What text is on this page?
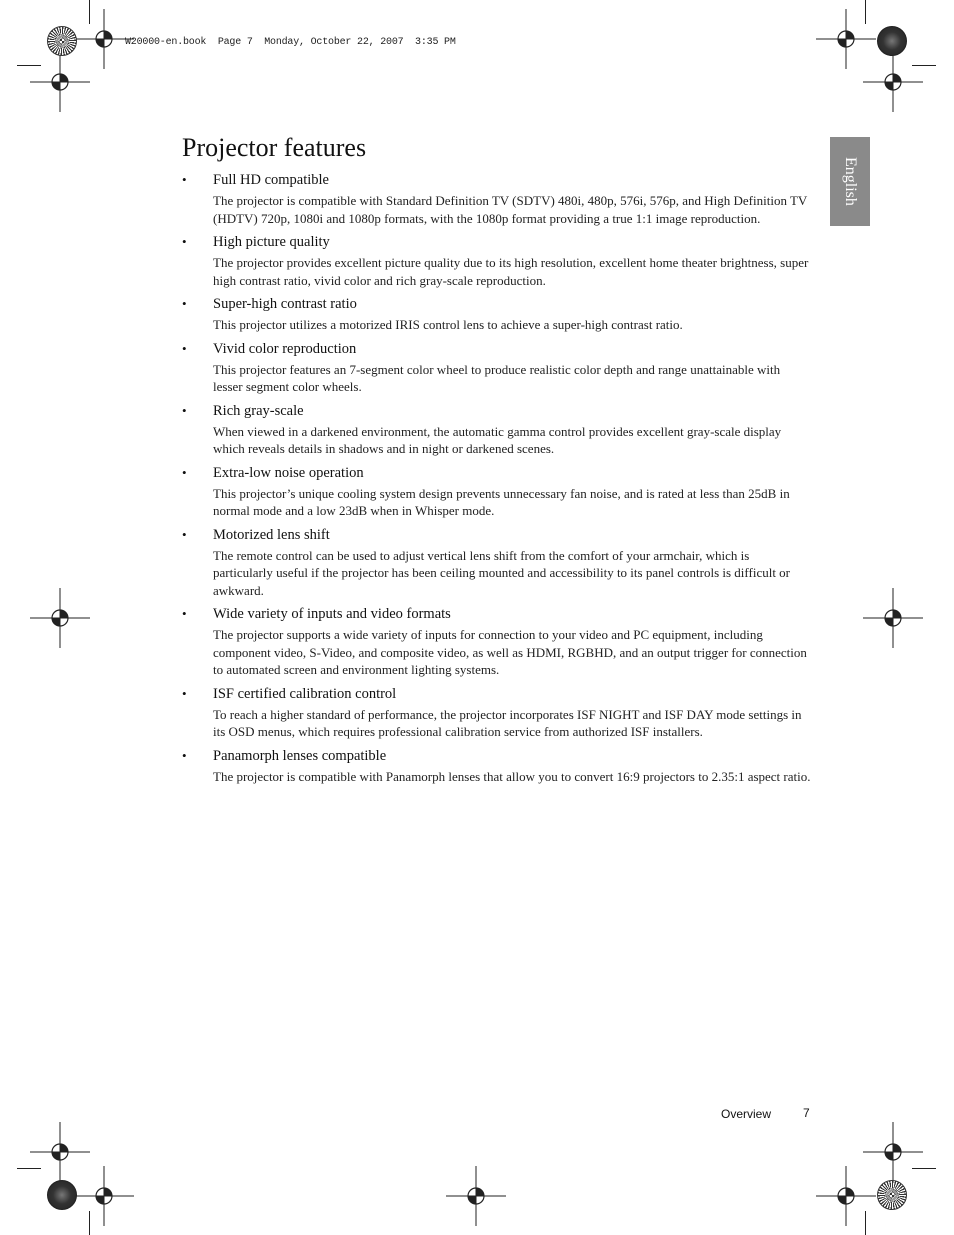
W20000-en.book  Page 7  Monday, October 22, 2007  3:35 PM
Projector features
English
• Full HD compatible
The projector is compatible with Standard Definition TV (SDTV) 480i, 480p, 576i, 576p, and High Definition TV (HDTV) 720p, 1080i and 1080p formats, with the 1080p format providing a true 1:1 image reproduction.
• High picture quality
The projector provides excellent picture quality due to its high resolution, excellent home theater brightness, super high contrast ratio, vivid color and rich gray-scale reproduction.
• Super-high contrast ratio
This projector utilizes a motorized IRIS control lens to achieve a super-high contrast ratio.
• Vivid color reproduction
This projector features an 7-segment color wheel to produce realistic color depth and range unattainable with lesser segment color wheels.
• Rich gray-scale
When viewed in a darkened environment, the automatic gamma control provides excellent gray-scale display which reveals details in shadows and in night or darkened scenes.
• Extra-low noise operation
This projector’s unique cooling system design prevents unnecessary fan noise, and is rated at less than 25dB in normal mode and a low 23dB when in Whisper mode.
• Motorized lens shift
The remote control can be used to adjust vertical lens shift from the comfort of your armchair, which is particularly useful if the projector has been ceiling mounted and accessibility to its panel controls is difficult or awkward.
• Wide variety of inputs and video formats
The projector supports a wide variety of inputs for connection to your video and PC equipment, including component video, S-Video, and composite video, as well as HDMI, RGBHD, and an output trigger for connection to automated screen and environment lighting systems.
• ISF certified calibration control
To reach a higher standard of performance, the projector incorporates ISF NIGHT and ISF DAY mode settings in its OSD menus, which requires professional calibration service from authorized ISF installers.
• Panamorph lenses compatible
The projector is compatible with Panamorph lenses that allow you to convert 16:9 projectors to 2.35:1 aspect ratio.
Overview	7
